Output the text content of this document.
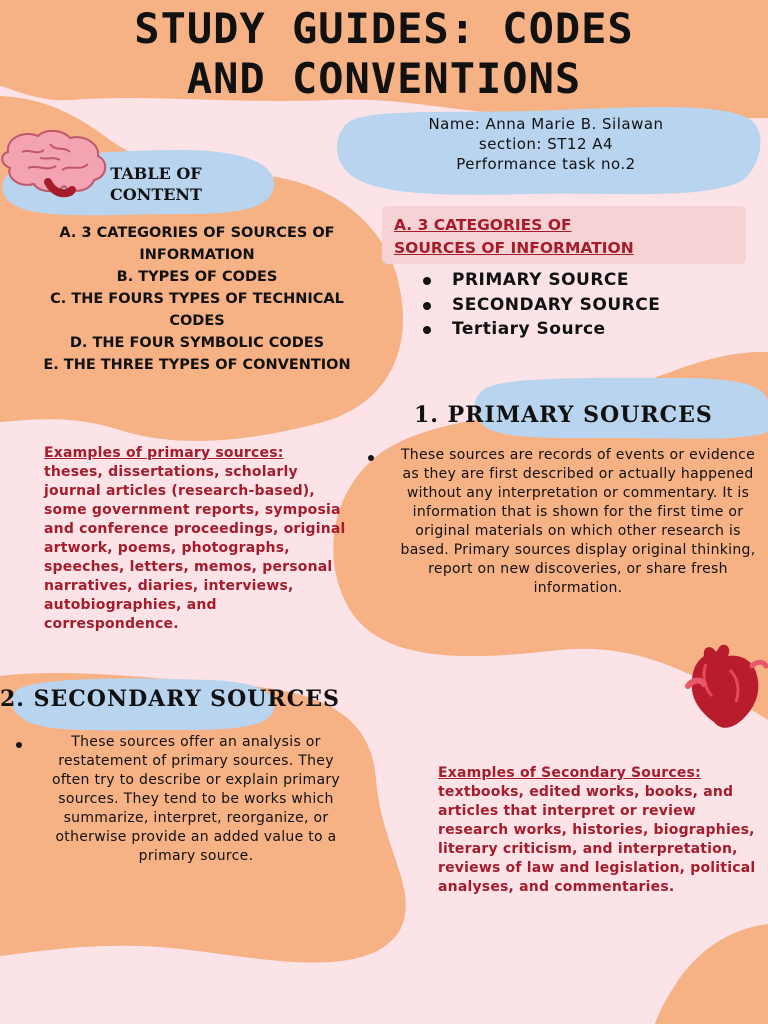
STUDY GUIDES: CODES
AND CONVENTIONS
Name: Anna Marie B. Silawan
section: ST12 A4
Performance task no.2
TABLE OF
CONTENT
A. 3 CATEGORIES OF SOURCES OF INFORMATION
B. TYPES OF CODES
C. THE FOURS TYPES OF TECHNICAL CODES
D. THE FOUR SYMBOLIC CODES
E. THE THREE TYPES OF CONVENTION
A. 3 CATEGORIES OF
SOURCES OF INFORMATION
PRIMARY SOURCE
SECONDARY SOURCE
Tertiary Source
1. PRIMARY SOURCES
These sources are records of events or evidence as they are first described or actually happened without any interpretation or commentary. It is information that is shown for the first time or original materials on which other research is based. Primary sources display original thinking, report on new discoveries, or share fresh information.
Examples of primary sources:
theses, dissertations, scholarly journal articles (research-based), some government reports, symposia and conference proceedings, original artwork, poems, photographs, speeches, letters, memos, personal narratives, diaries, interviews, autobiographies, and correspondence.
2. SECONDARY SOURCES
These sources offer an analysis or restatement of primary sources. They often try to describe or explain primary sources. They tend to be works which summarize, interpret, reorganize, or otherwise provide an added value to a primary source.
Examples of Secondary Sources:
textbooks, edited works, books, and articles that interpret or review research works, histories, biographies, literary criticism, and interpretation, reviews of law and legislation, political analyses, and commentaries.
